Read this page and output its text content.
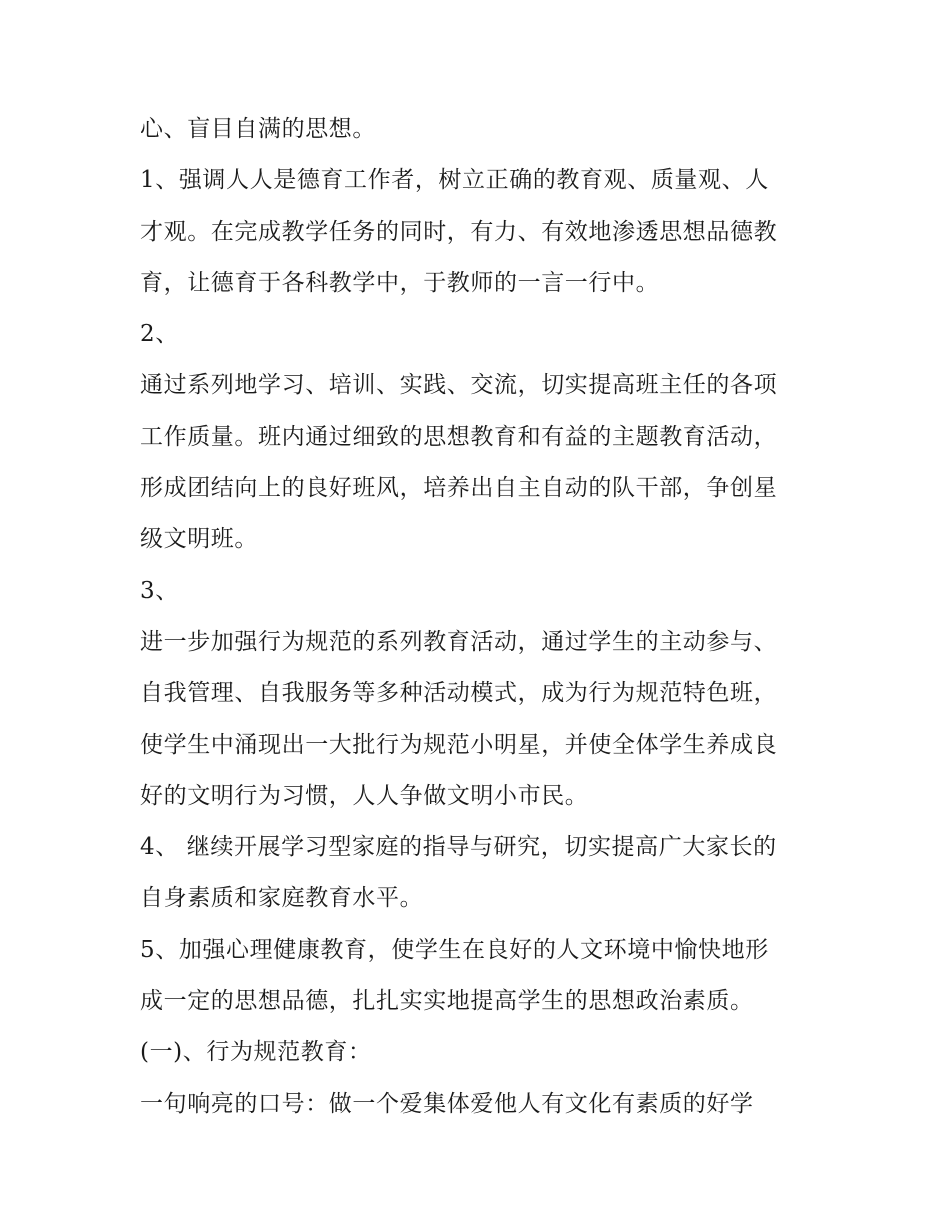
心、盲目自满的思想。
1、强调人人是德育工作者，树立正确的教育观、质量观、人
才观。在完成教学任务的同时，有力、有效地渗透思想品德教
育，让德育于各科教学中，于教师的一言一行中。
2、
通过系列地学习、培训、实践、交流，切实提高班主任的各项
工作质量。班内通过细致的思想教育和有益的主题教育活动，
形成团结向上的良好班风，培养出自主自动的队干部，争创星
级文明班。
3、
进一步加强行为规范的系列教育活动，通过学生的主动参与、
自我管理、自我服务等多种活动模式，成为行为规范特色班，
使学生中涌现出一大批行为规范小明星，并使全体学生养成良
好的文明行为习惯，人人争做文明小市民。
4、 继续开展学习型家庭的指导与研究，切实提高广大家长的
自身素质和家庭教育水平。
5、加强心理健康教育，使学生在良好的人文环境中愉快地形
成一定的思想品德，扎扎实实地提高学生的思想政治素质。
(一)、行为规范教育：
一句响亮的口号：做一个爱集体爱他人有文化有素质的好学
